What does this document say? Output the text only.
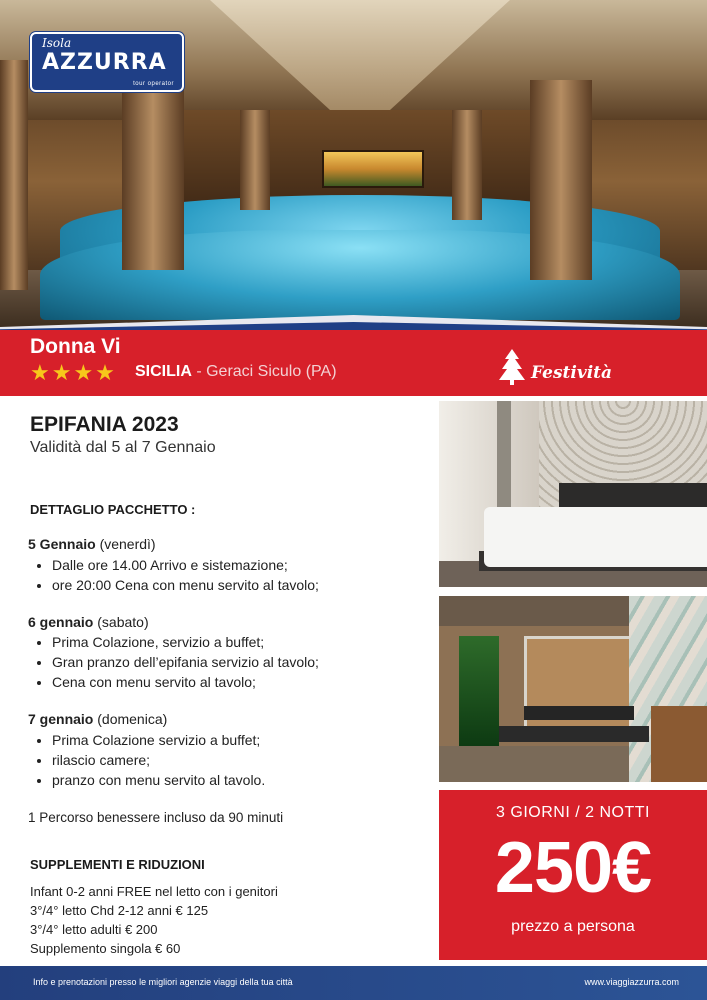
Isola
AZZURRA
tour operator
Donna Vi
★★★★ SICILIA - Geraci Siculo (PA)	Festività
EPIFANIA 2023
Validità dal 5 al 7 Gennaio
DETTAGLIO PACCHETTO :
5 Gennaio (venerdì)
• Dalle ore 14.00 Arrivo e sistemazione;
• ore 20:00 Cena con menu servito al tavolo;
6 gennaio (sabato)
• Prima Colazione, servizio a buffet;
• Gran pranzo dell’epifania servizio al tavolo;
• Cena con menu servito al tavolo;
7 gennaio (domenica)
• Prima Colazione servizio a buffet;
• rilascio camere;
• pranzo con menu servito al tavolo.
1 Percorso benessere incluso da 90 minuti
SUPPLEMENTI E RIDUZIONI
Infant 0-2 anni FREE nel letto con i genitori
3°/4° letto Chd 2-12 anni € 125
3°/4° letto adulti € 200
Supplemento singola € 60
3 GIORNI / 2 NOTTI
250€
prezzo a persona
Info e prenotazioni presso le migliori agenzie viaggi della tua città	www.viaggiazzurra.com
